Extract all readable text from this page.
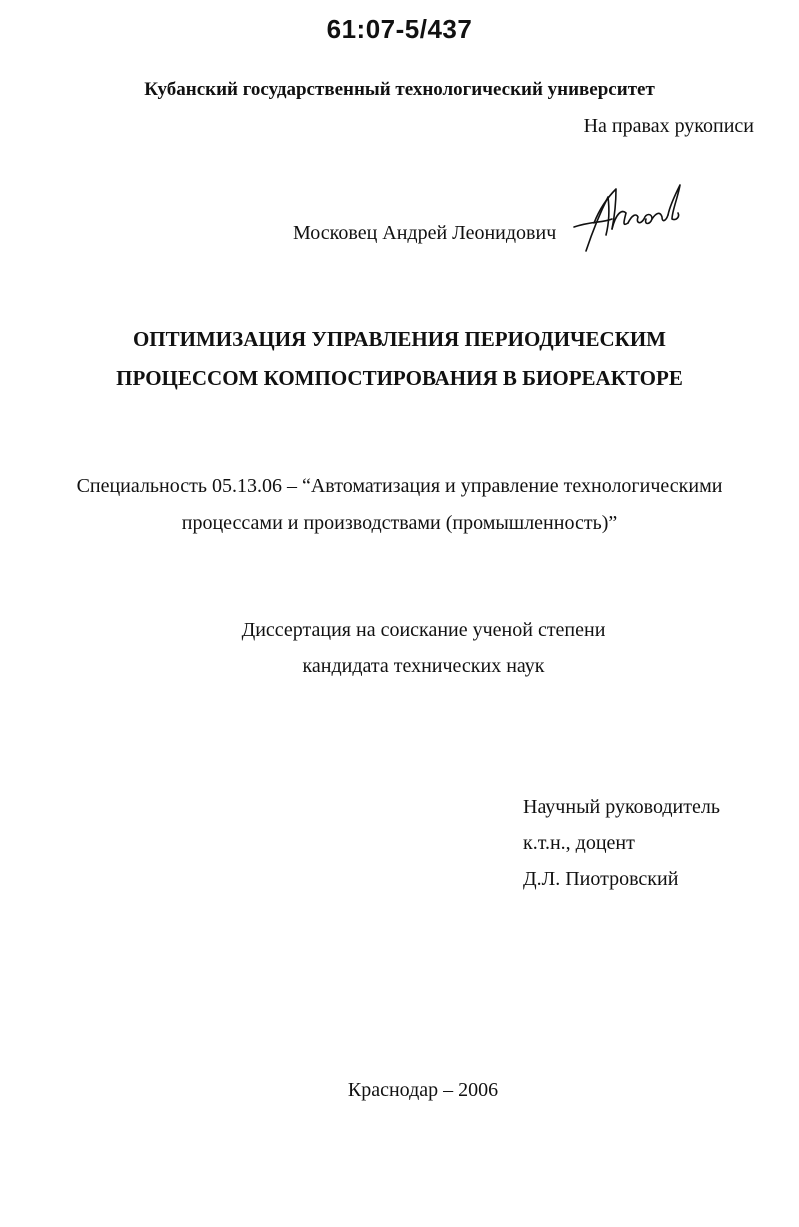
61:07-5/437
Кубанский государственный технологический университет
На правах рукописи
Московец Андрей Леонидович
ОПТИМИЗАЦИЯ УПРАВЛЕНИЯ ПЕРИОДИЧЕСКИМ
ПРОЦЕССОМ КОМПОСТИРОВАНИЯ В БИОРЕАКТОРЕ
Специальность 05.13.06 – “Автоматизация и управление технологическими
процессами и производствами (промышленность)”
Диссертация на соискание ученой степени
кандидата технических наук
Научный руководитель
к.т.н., доцент
Д.Л. Пиотровский
Краснодар – 2006
